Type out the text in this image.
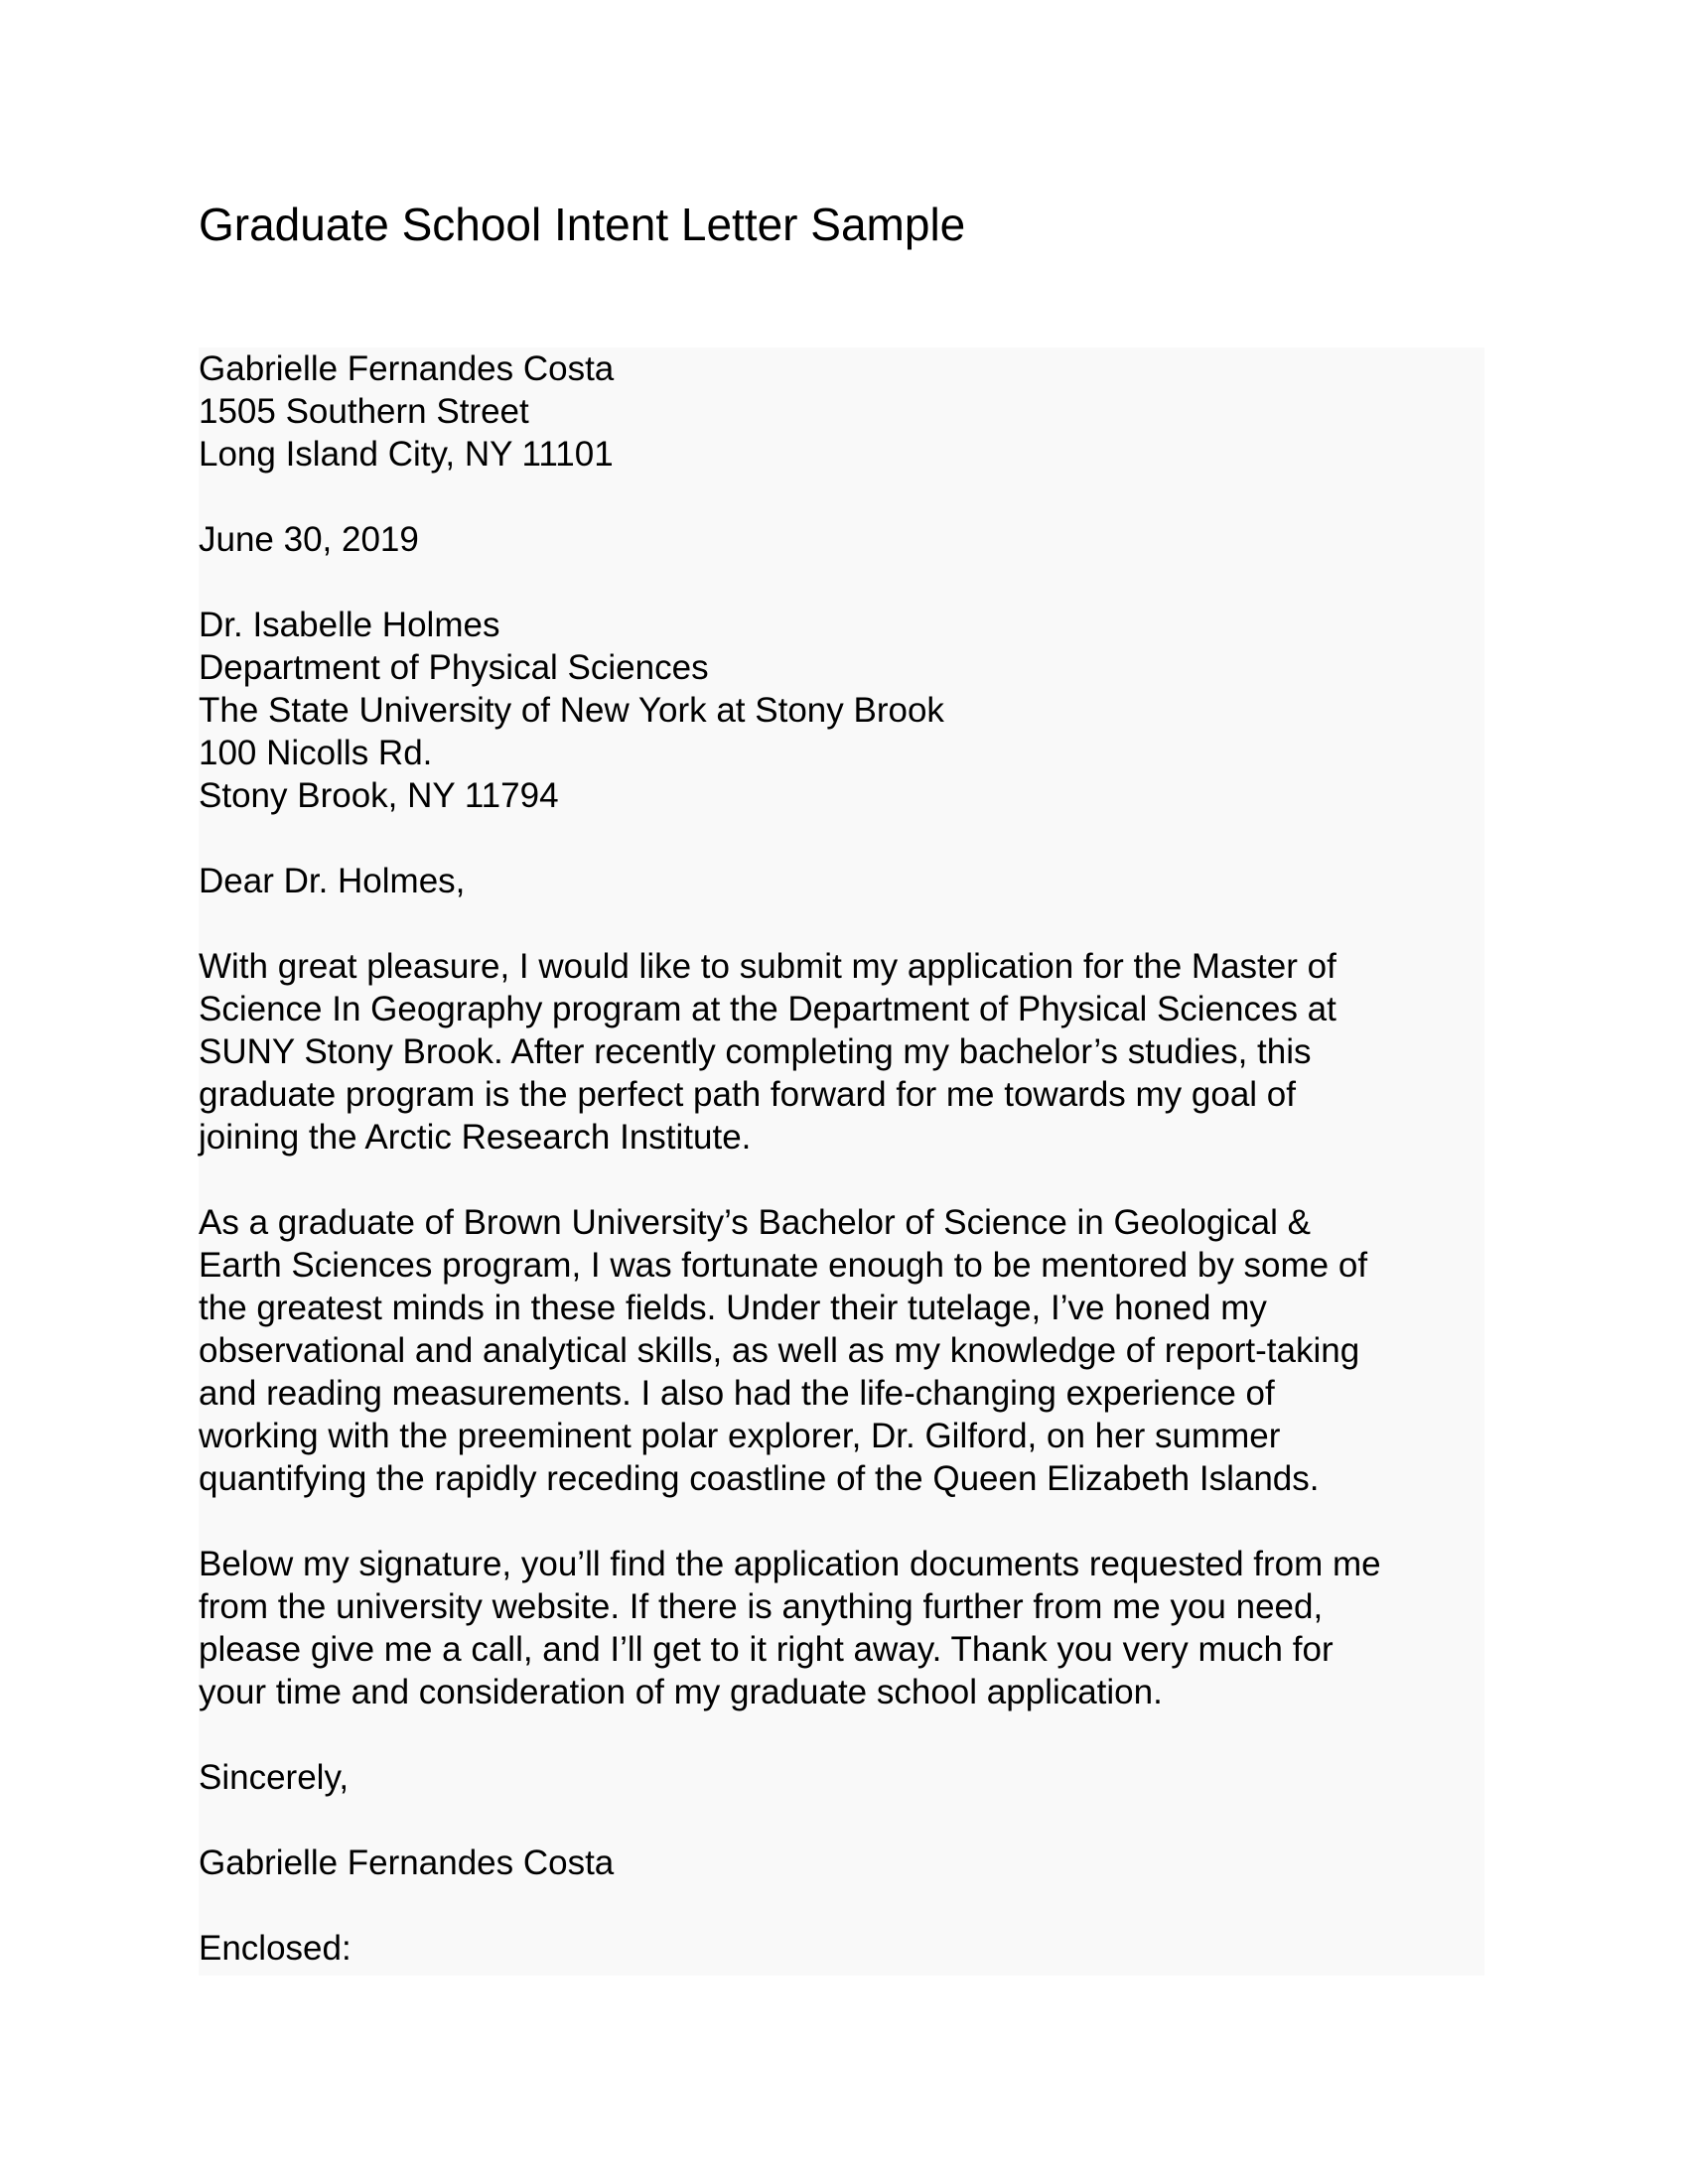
Graduate School Intent Letter Sample
Gabrielle Fernandes Costa
1505 Southern Street
Long Island City, NY 11101
June 30, 2019
Dr. Isabelle Holmes
Department of Physical Sciences
The State University of New York at Stony Brook
100 Nicolls Rd.
Stony Brook, NY 11794
Dear Dr. Holmes,
With great pleasure, I would like to submit my application for the Master of
Science In Geography program at the Department of Physical Sciences at
SUNY Stony Brook. After recently completing my bachelor’s studies, this
graduate program is the perfect path forward for me towards my goal of
joining the Arctic Research Institute.
As a graduate of Brown University’s Bachelor of Science in Geological &
Earth Sciences program, I was fortunate enough to be mentored by some of
the greatest minds in these fields. Under their tutelage, I’ve honed my
observational and analytical skills, as well as my knowledge of report-taking
and reading measurements. I also had the life-changing experience of
working with the preeminent polar explorer, Dr. Gilford, on her summer
quantifying the rapidly receding coastline of the Queen Elizabeth Islands.
Below my signature, you’ll find the application documents requested from me
from the university website. If there is anything further from me you need,
please give me a call, and I’ll get to it right away. Thank you very much for
your time and consideration of my graduate school application.
Sincerely,
Gabrielle Fernandes Costa
Enclosed:
